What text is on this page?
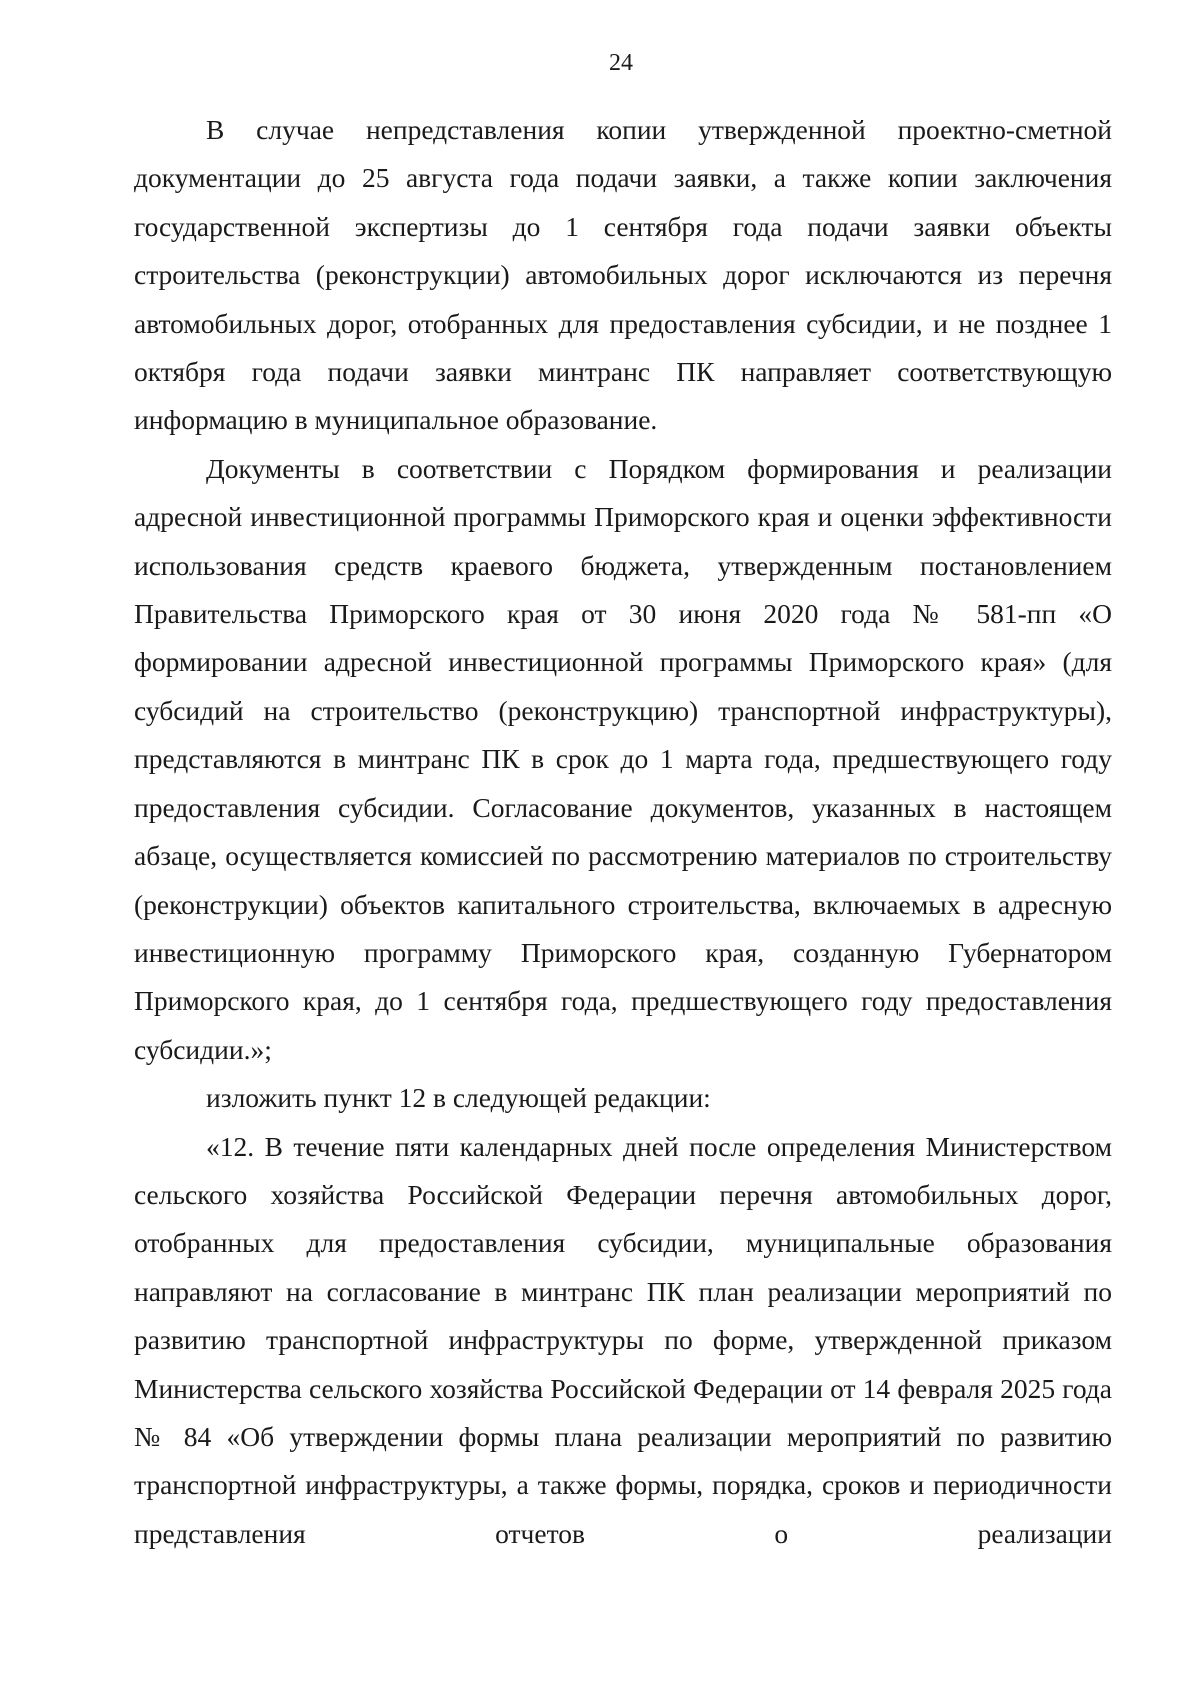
24

В случае непредставления копии утвержденной проектно-сметной документации до 25 августа года подачи заявки, а также копии заключения государственной экспертизы до 1 сентября года подачи заявки объекты строительства (реконструкции) автомобильных дорог исключаются из перечня автомобильных дорог, отобранных для предоставления субсидии, и не позднее 1 октября года подачи заявки минтранс ПК направляет соответствующую информацию в муниципальное образование.

Документы в соответствии с Порядком формирования и реализации адресной инвестиционной программы Приморского края и оценки эффективности использования средств краевого бюджета, утвержденным постановлением Правительства Приморского края от 30 июня 2020 года № 581-пп «О формировании адресной инвестиционной программы Приморского края» (для субсидий на строительство (реконструкцию) транспортной инфраструктуры), представляются в минтранс ПК в срок до 1 марта года, предшествующего году предоставления субсидии. Согласование документов, указанных в настоящем абзаце, осуществляется комиссией по рассмотрению материалов по строительству (реконструкции) объектов капитального строительства, включаемых в адресную инвестиционную программу Приморского края, созданную Губернатором Приморского края, до 1 сентября года, предшествующего году предоставления субсидии.»;

изложить пункт 12 в следующей редакции:

«12. В течение пяти календарных дней после определения Министерством сельского хозяйства Российской Федерации перечня автомобильных дорог, отобранных для предоставления субсидии, муниципальные образования направляют на согласование в минтранс ПК план реализации мероприятий по развитию транспортной инфраструктуры по форме, утвержденной приказом Министерства сельского хозяйства Российской Федерации от 14 февраля 2025 года № 84 «Об утверждении формы плана реализации мероприятий по развитию транспортной инфраструктуры, а также формы, порядка, сроков и периодичности представления отчетов о реализации
